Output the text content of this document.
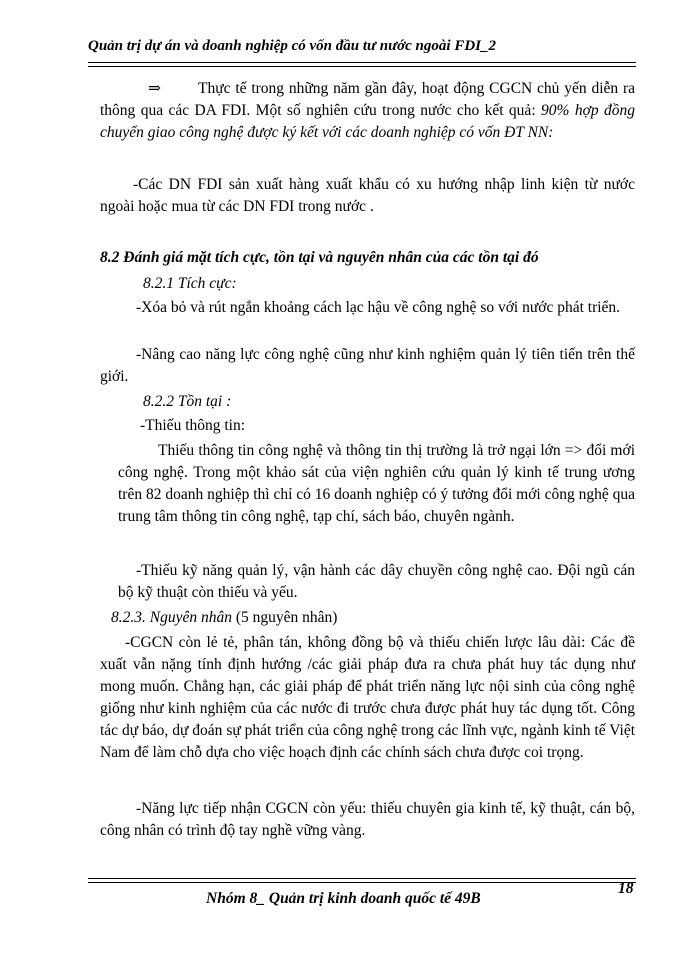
Quản trị dự án và doanh nghiệp có vốn đầu tư nước ngoài FDI_2

⇒ Thực tế trong những năm gần đây, hoạt động CGCN chủ yến diễn ra thông qua các DA FDI. Một số nghiên cứu trong nước cho kết quả: 90% hợp đồng chuyển giao công nghệ được ký kết với các doanh nghiệp có vốn ĐT NN:

-Các DN FDI sản xuất hàng xuất khẩu có xu hướng nhập linh kiện từ nước ngoài hoặc mua từ các DN FDI trong nước .

8.2 Đánh giá mặt tích cực, tồn tại và nguyên nhân của các tồn tại đó

8.2.1 Tích cực:

-Xóa bỏ và rút ngắn khoảng cách lạc hậu về công nghệ so với nước phát triển.

-Nâng cao năng lực công nghệ cũng như kinh nghiệm quản lý tiên tiến trên thế giới.

8.2.2 Tồn tại :

-Thiếu thông tin:

Thiếu thông tin công nghệ và thông tin thị trường là trở ngại lớn => đổi mới công nghệ. Trong một khảo sát của viện nghiên cứu quản lý kinh tế trung ương trên 82 doanh nghiệp thì chỉ có 16 doanh nghiệp có ý tưởng đổi mới công nghệ qua trung tâm thông tin công nghệ, tạp chí, sách báo, chuyên ngành.

-Thiếu kỹ năng quản lý, vận hành các dây chuyền công nghệ cao. Đội ngũ cán bộ kỹ thuật còn thiếu và yếu.

8.2.3. Nguyên nhân (5 nguyên nhân)

-CGCN còn lẻ tẻ, phân tán, không đồng bộ và thiếu chiến lược lâu dài: Các đề xuất vẫn nặng tính định hướng /các giải pháp đưa ra chưa phát huy tác dụng như mong muốn. Chẳng hạn, các giải pháp để phát triển năng lực nội sinh của công nghệ giống như kinh nghiệm của các nước đi trước chưa được phát huy tác dụng tốt. Công tác dự báo, dự đoán sự phát triển của công nghệ trong các lĩnh vực, ngành kinh tế Việt Nam để làm chỗ dựa cho việc hoạch định các chính sách chưa được coi trọng.

-Năng lực tiếp nhận CGCN còn yếu: thiếu chuyên gia kinh tế, kỹ thuật, cán bộ, công nhân có trình độ tay nghề vững vàng.

Nhóm 8_ Quản trị kinh doanh quốc tế 49B
18
